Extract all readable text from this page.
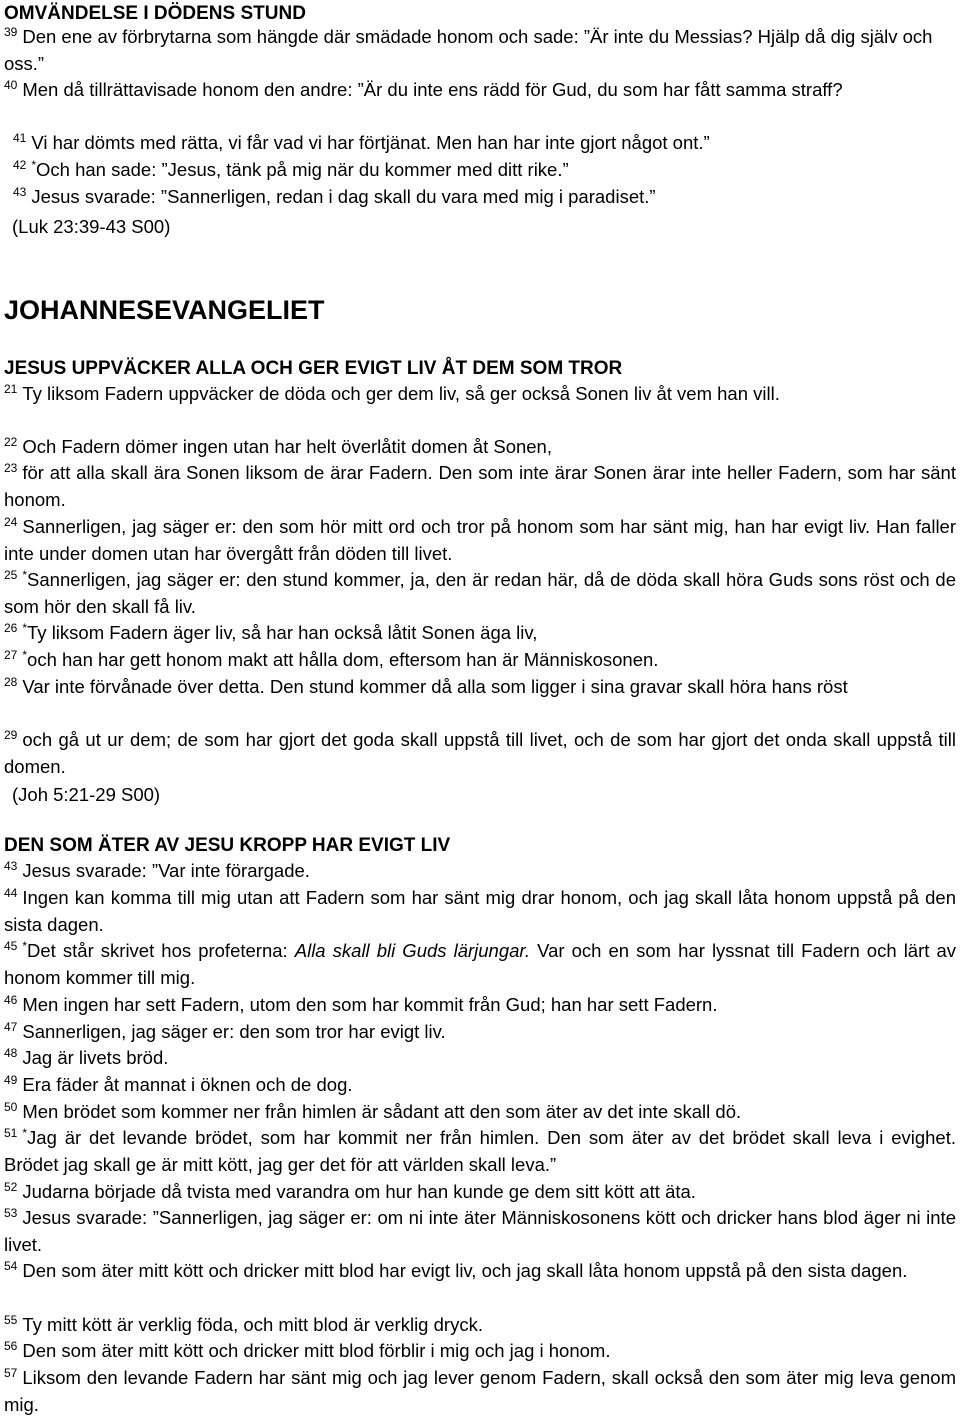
OMVÄNDELSE I DÖDENS STUND
$^{39}$ Den ene av förbrytarna som hängde där smädade honom och sade: ”Är inte du Messias? Hjälp då dig själv och oss.”
$^{40}$ Men då tillrättavisade honom den andre: ”Är du inte ens rädd för Gud, du som har fått samma straff?
$^{41}$ Vi har dömts med rätta, vi får vad vi har förtjänat. Men han har inte gjort något ont.”
$^{42}$ *Och han sade: ”Jesus, tänk på mig när du kommer med ditt rike.”
$^{43}$ Jesus svarade: ”Sannerligen, redan i dag skall du vara med mig i paradiset.”
(Luk 23:39-43 S00)
JOHANNESEVANGELIET
JESUS UPPVÄCKER ALLA OCH GER EVIGT LIV ÅT DEM SOM TROR
$^{21}$ Ty liksom Fadern uppväcker de döda och ger dem liv, så ger också Sonen liv åt vem han vill.
$^{22}$ Och Fadern dömer ingen utan har helt överlåtit domen åt Sonen,
$^{23}$ för att alla skall ära Sonen liksom de ärar Fadern. Den som inte ärar Sonen ärar inte heller Fadern, som har sänt honom.
$^{24}$ Sannerligen, jag säger er: den som hör mitt ord och tror på honom som har sänt mig, han har evigt liv. Han faller inte under domen utan har övergått från döden till livet.
$^{25}$ *Sannerligen, jag säger er: den stund kommer, ja, den är redan här, då de döda skall höra Guds sons röst och de som hör den skall få liv.
$^{26}$ *Ty liksom Fadern äger liv, så har han också låtit Sonen äga liv,
$^{27}$ *och han har gett honom makt att hålla dom, eftersom han är Människosonen.
$^{28}$ Var inte förvånade över detta. Den stund kommer då alla som ligger i sina gravar skall höra hans röst
$^{29}$ och gå ut ur dem; de som har gjort det goda skall uppstå till livet, och de som har gjort det onda skall uppstå till domen.
(Joh 5:21-29 S00)
DEN SOM ÄTER AV JESU KROPP HAR EVIGT LIV
$^{43}$ Jesus svarade: ”Var inte förargade.
$^{44}$ Ingen kan komma till mig utan att Fadern som har sänt mig drar honom, och jag skall låta honom uppstå på den sista dagen.
$^{45}$ *Det står skrivet hos profeterna: Alla skall bli Guds lärjungar. Var och en som har lyssnat till Fadern och lärt av honom kommer till mig.
$^{46}$ Men ingen har sett Fadern, utom den som har kommit från Gud; han har sett Fadern.
$^{47}$ Sannerligen, jag säger er: den som tror har evigt liv.
$^{48}$ Jag är livets bröd.
$^{49}$ Era fäder åt mannat i öknen och de dog.
$^{50}$ Men brödet som kommer ner från himlen är sådant att den som äter av det inte skall dö.
$^{51}$ *Jag är det levande brödet, som har kommit ner från himlen. Den som äter av det brödet skall leva i evighet. Brödet jag skall ge är mitt kött, jag ger det för att världen skall leva.”
$^{52}$ Judarna började då tvista med varandra om hur han kunde ge dem sitt kött att äta.
$^{53}$ Jesus svarade: ”Sannerligen, jag säger er: om ni inte äter Människosonens kött och dricker hans blod äger ni inte livet.
$^{54}$ Den som äter mitt kött och dricker mitt blod har evigt liv, och jag skall låta honom uppstå på den sista dagen.
$^{55}$ Ty mitt kött är verklig föda, och mitt blod är verklig dryck.
$^{56}$ Den som äter mitt kött och dricker mitt blod förblir i mig och jag i honom.
$^{57}$ Liksom den levande Fadern har sänt mig och jag lever genom Fadern, skall också den som äter mig leva genom mig.
